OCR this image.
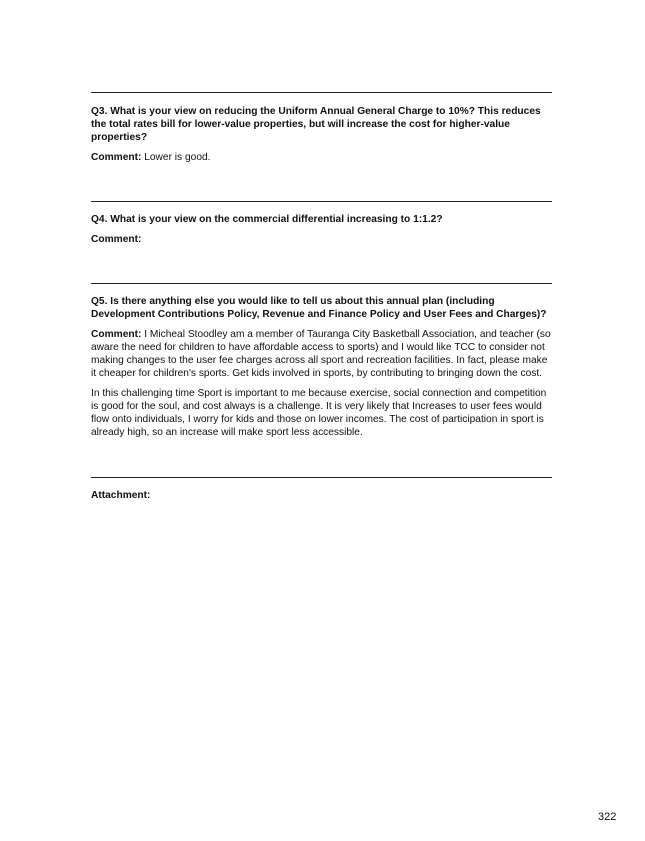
Q3. What is your view on reducing the Uniform Annual General Charge to 10%? This reduces the total rates bill for lower-value properties, but will increase the cost for higher-value properties?

Comment: Lower is good.

Q4. What is your view on the commercial differential increasing to 1:1.2?

Comment:

Q5. Is there anything else you would like to tell us about this annual plan (including Development Contributions Policy, Revenue and Finance Policy and User Fees and Charges)?

Comment: I Micheal Stoodley am a member of Tauranga City Basketball Association, and teacher (so aware the need for children to have affordable access to sports) and I would like TCC to consider not making changes to the user fee charges across all sport and recreation facilities. In fact, please make it cheaper for children's sports. Get kids involved in sports, by contributing to bringing down the cost.

In this challenging time Sport is important to me because exercise, social connection and competition is good for the soul, and cost always is a challenge. It is very likely that Increases to user fees would flow onto individuals, I worry for kids and those on lower incomes. The cost of participation in sport is already high, so an increase will make sport less accessible.

Attachment:

322
